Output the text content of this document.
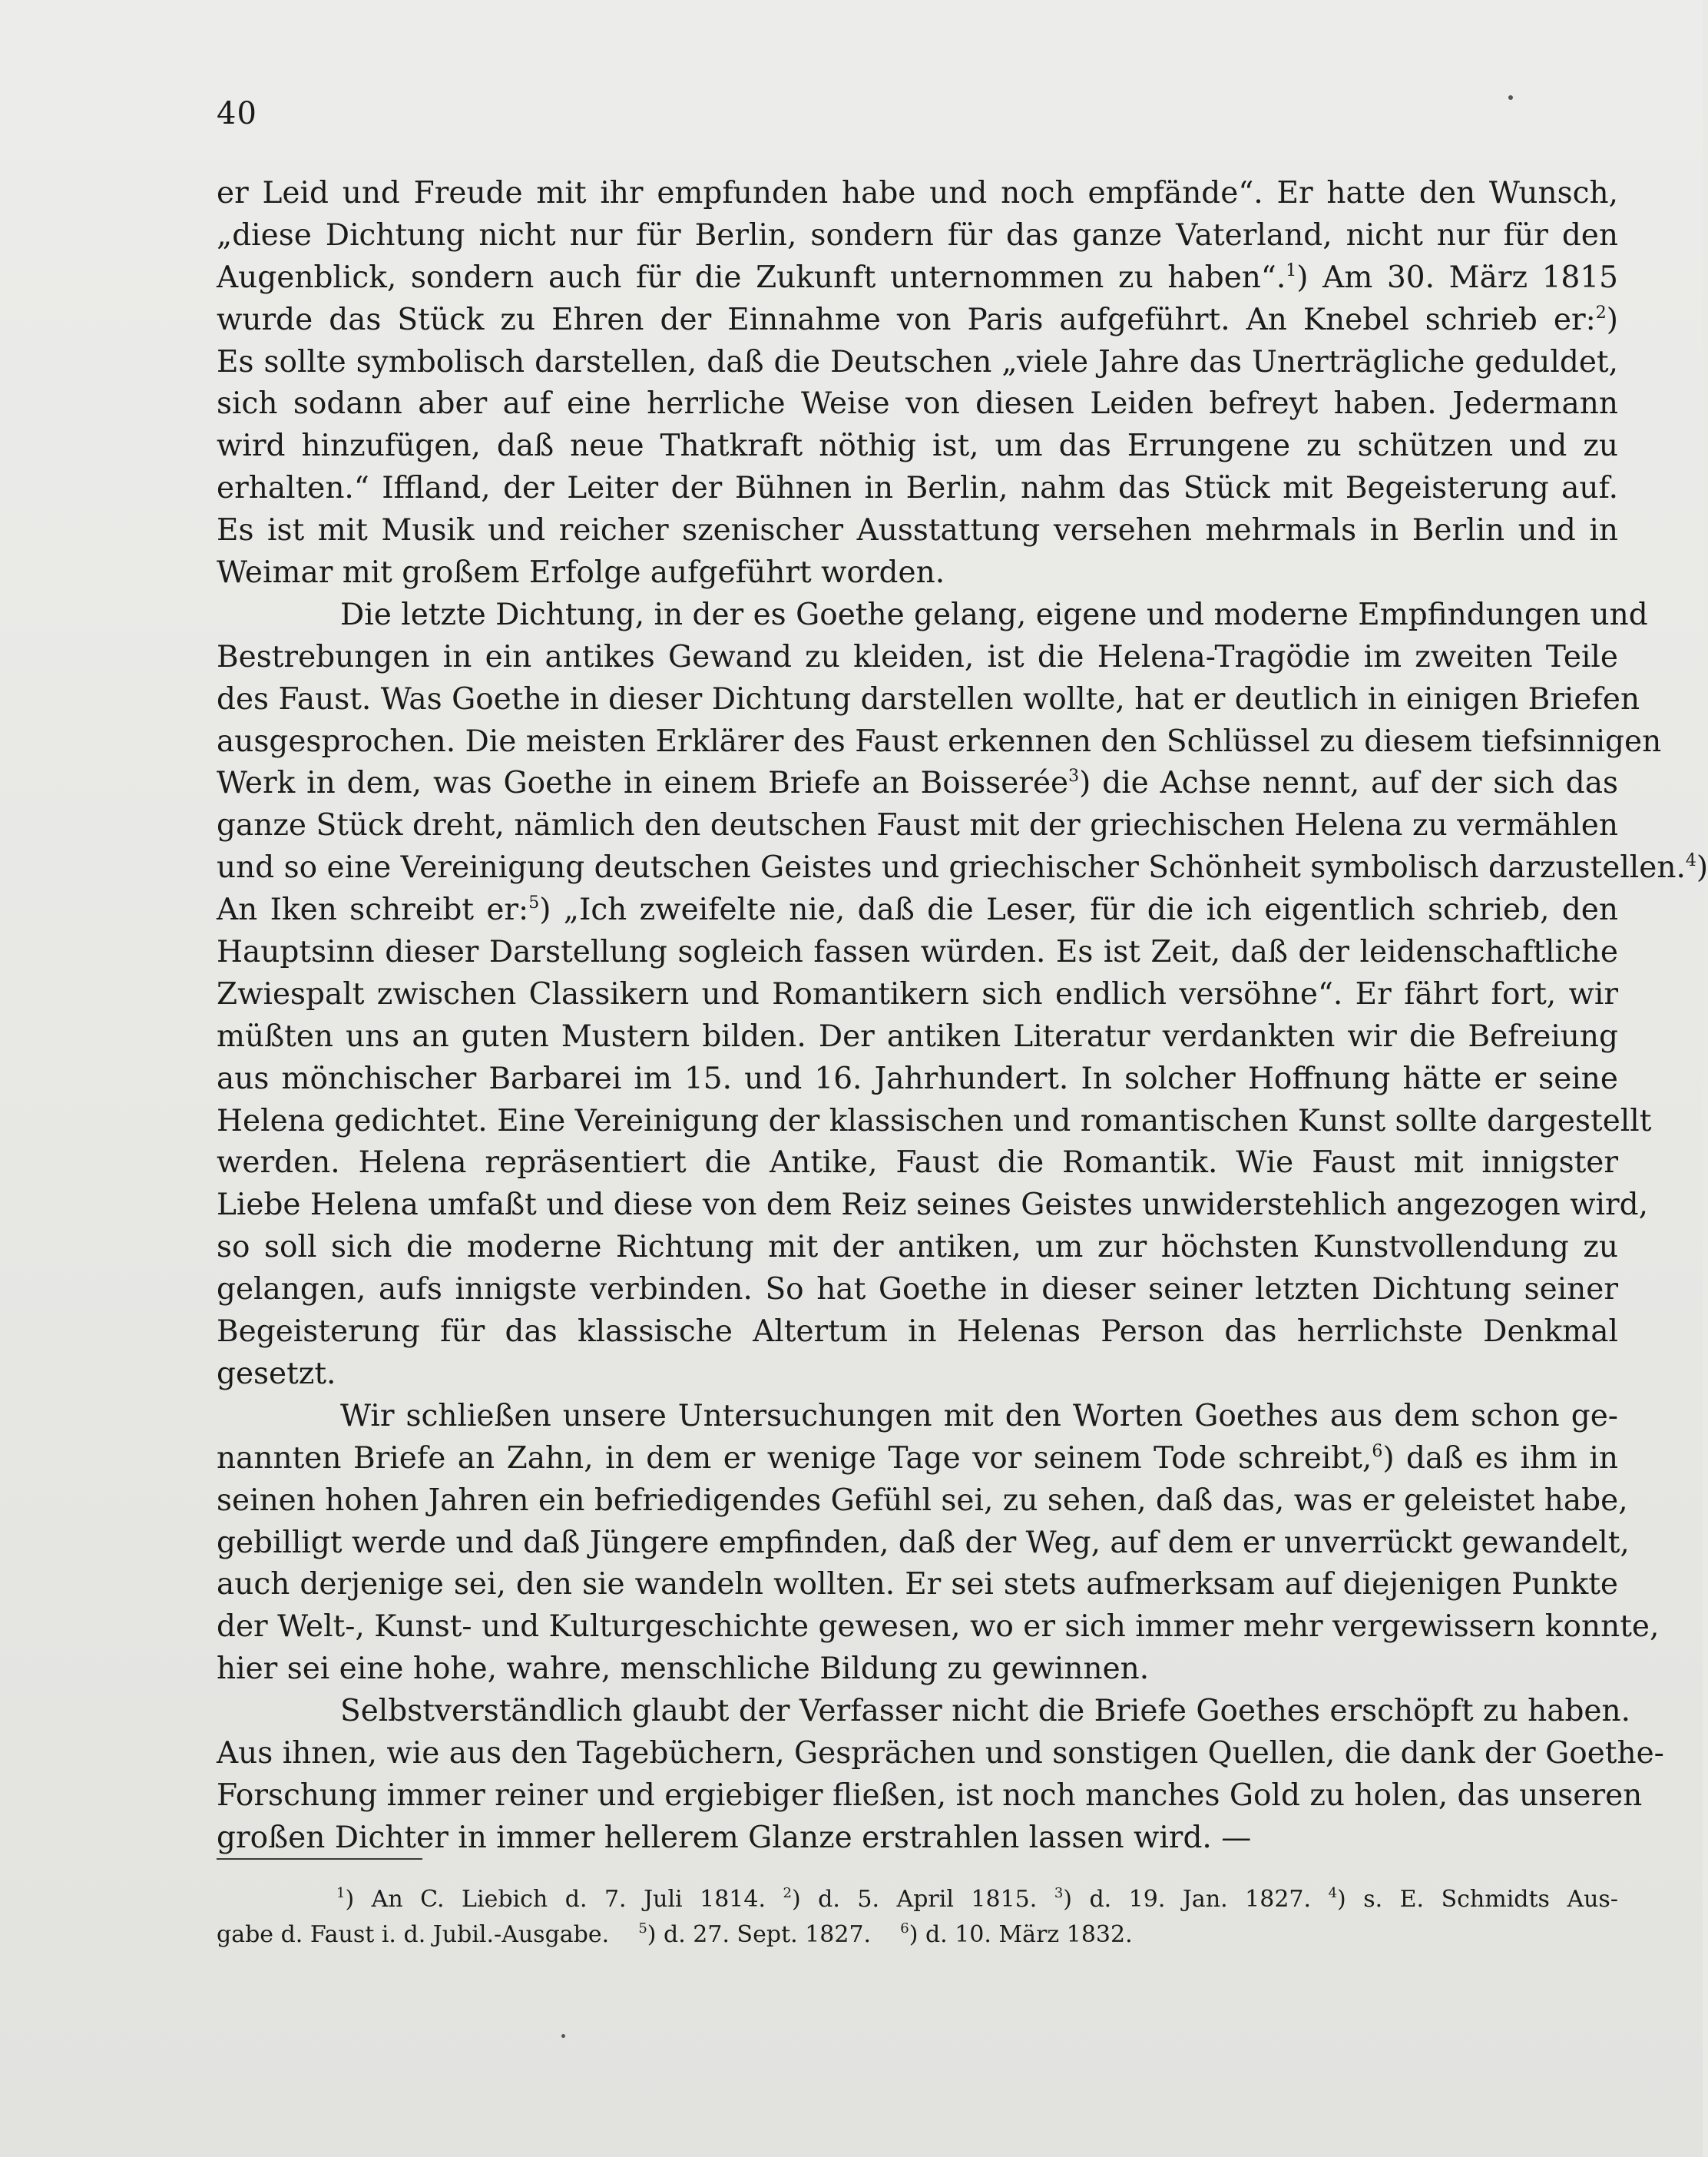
40
er Leid und Freude mit ihr empfunden habe und noch empfände“. Er hatte den Wunsch,
„diese Dichtung nicht nur für Berlin, sondern für das ganze Vaterland, nicht nur für den
Augenblick, sondern auch für die Zukunft unternommen zu haben“.$^1$) Am 30. März 1815
wurde das Stück zu Ehren der Einnahme von Paris aufgeführt. An Knebel schrieb er:$^2$)
Es sollte symbolisch darstellen, daß die Deutschen „viele Jahre das Unerträgliche geduldet,
sich sodann aber auf eine herrliche Weise von diesen Leiden befreyt haben. Jedermann
wird hinzufügen, daß neue Thatkraft nöthig ist, um das Errungene zu schützen und zu
erhalten.“ Iffland, der Leiter der Bühnen in Berlin, nahm das Stück mit Begeisterung auf.
Es ist mit Musik und reicher szenischer Ausstattung versehen mehrmals in Berlin und in
Weimar mit großem Erfolge aufgeführt worden.
Die letzte Dichtung, in der es Goethe gelang, eigene und moderne Empfindungen und
Bestrebungen in ein antikes Gewand zu kleiden, ist die Helena-Tragödie im zweiten Teile
des Faust. Was Goethe in dieser Dichtung darstellen wollte, hat er deutlich in einigen Briefen
ausgesprochen. Die meisten Erklärer des Faust erkennen den Schlüssel zu diesem tiefsinnigen
Werk in dem, was Goethe in einem Briefe an Boisserée$^3$) die Achse nennt, auf der sich das
ganze Stück dreht, nämlich den deutschen Faust mit der griechischen Helena zu vermählen
und so eine Vereinigung deutschen Geistes und griechischer Schönheit symbolisch darzustellen.$^4$)
An Iken schreibt er:$^5$) „Ich zweifelte nie, daß die Leser, für die ich eigentlich schrieb, den
Hauptsinn dieser Darstellung sogleich fassen würden. Es ist Zeit, daß der leidenschaftliche
Zwiespalt zwischen Classikern und Romantikern sich endlich versöhne“. Er fährt fort, wir
müßten uns an guten Mustern bilden. Der antiken Literatur verdankten wir die Befreiung
aus mönchischer Barbarei im 15. und 16. Jahrhundert. In solcher Hoffnung hätte er seine
Helena gedichtet. Eine Vereinigung der klassischen und romantischen Kunst sollte dargestellt
werden. Helena repräsentiert die Antike, Faust die Romantik. Wie Faust mit innigster
Liebe Helena umfaßt und diese von dem Reiz seines Geistes unwiderstehlich angezogen wird,
so soll sich die moderne Richtung mit der antiken, um zur höchsten Kunstvollendung zu
gelangen, aufs innigste verbinden. So hat Goethe in dieser seiner letzten Dichtung seiner
Begeisterung für das klassische Altertum in Helenas Person das herrlichste Denkmal
gesetzt.
Wir schließen unsere Untersuchungen mit den Worten Goethes aus dem schon ge-
nannten Briefe an Zahn, in dem er wenige Tage vor seinem Tode schreibt,$^6$) daß es ihm in
seinen hohen Jahren ein befriedigendes Gefühl sei, zu sehen, daß das, was er geleistet habe,
gebilligt werde und daß Jüngere empfinden, daß der Weg, auf dem er unverrückt gewandelt,
auch derjenige sei, den sie wandeln wollten. Er sei stets aufmerksam auf diejenigen Punkte
der Welt-, Kunst- und Kulturgeschichte gewesen, wo er sich immer mehr vergewissern konnte,
hier sei eine hohe, wahre, menschliche Bildung zu gewinnen.
Selbstverständlich glaubt der Verfasser nicht die Briefe Goethes erschöpft zu haben.
Aus ihnen, wie aus den Tagebüchern, Gesprächen und sonstigen Quellen, die dank der Goethe-
Forschung immer reiner und ergiebiger fließen, ist noch manches Gold zu holen, das unseren
großen Dichter in immer hellerem Glanze erstrahlen lassen wird. —
$^1$) An C. Liebich d. 7. Juli 1814. $^2$) d. 5. April 1815. $^3$) d. 19. Jan. 1827. $^4$) s. E. Schmidts Aus-
gabe d. Faust i. d. Jubil.-Ausgabe. $^5$) d. 27. Sept. 1827. $^6$) d. 10. März 1832.
